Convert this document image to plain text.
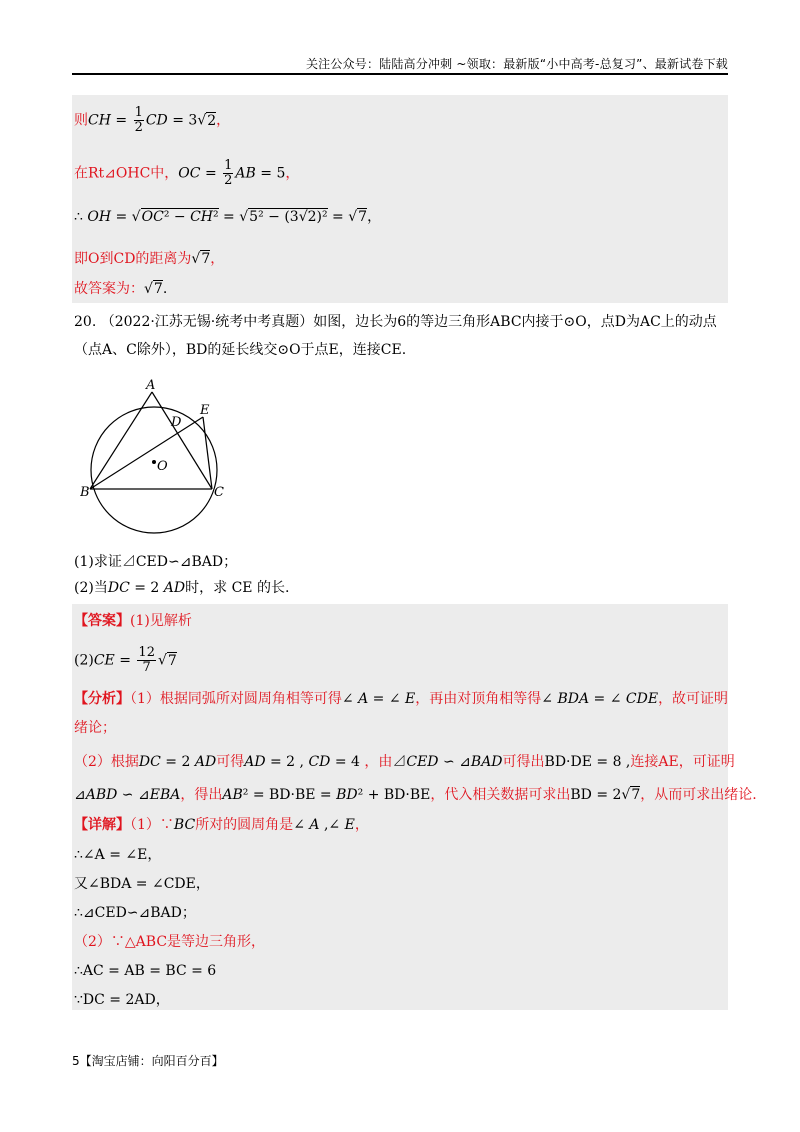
关注公众号：陆陆高分冲刺 ~领取：最新版“小中高考-总复习”、最新试卷下载
则CH = $\frac{1}{2}$ CD = 3√2，
在Rt⊿OHC中，OC = $\frac{1}{2}$ AB = 5，
∴ OH = √OC² − CH² = √5² − (3√2)² = √7，
即O到CD的距离为√7，
故答案为：√7.
20. （2022·江苏无锡·统考中考真题）如图，边长为6的等边三角形ABC内接于⊙O，点D为AC上的动点
（点A、C除外），BD的延长线交⊙O于点E，连接CE.
A
B	C
D
E
O
(1)求证⊿CED∽⊿BAD；
(2)当DC = 2 AD时，求 CE 的长.
【答案】(1)见解析
$(2)CE = \frac{12}{7} √7$
【分析】（1）根据同弧所对圆周角相等可得∠ A = ∠ E，再由对顶角相等得∠ BDA = ∠ CDE，故可证明
绪论；
（2）根据DC = 2 AD可得AD = 2 , CD = 4 ，由⊿CED ∽ ⊿BAD可得出BD·DE = 8 ,连接AE，可证明
⊿ABD ∽ ⊿EBA，得出AB² = BD·BE = BD² + BD·BE，代入相关数据可求出BD = 2√7，从而可求出绪论.
【详解】（1）∵BC所对的圆周角是∠ A ,∠ E，
∴∠A = ∠E，
又∠BDA = ∠CDE，
∴⊿CED∽⊿BAD；
（2）∵△ABC是等边三角形，
∴AC = AB = BC = 6
∵DC = 2AD，
5【淘宝店铺：向阳百分百】
